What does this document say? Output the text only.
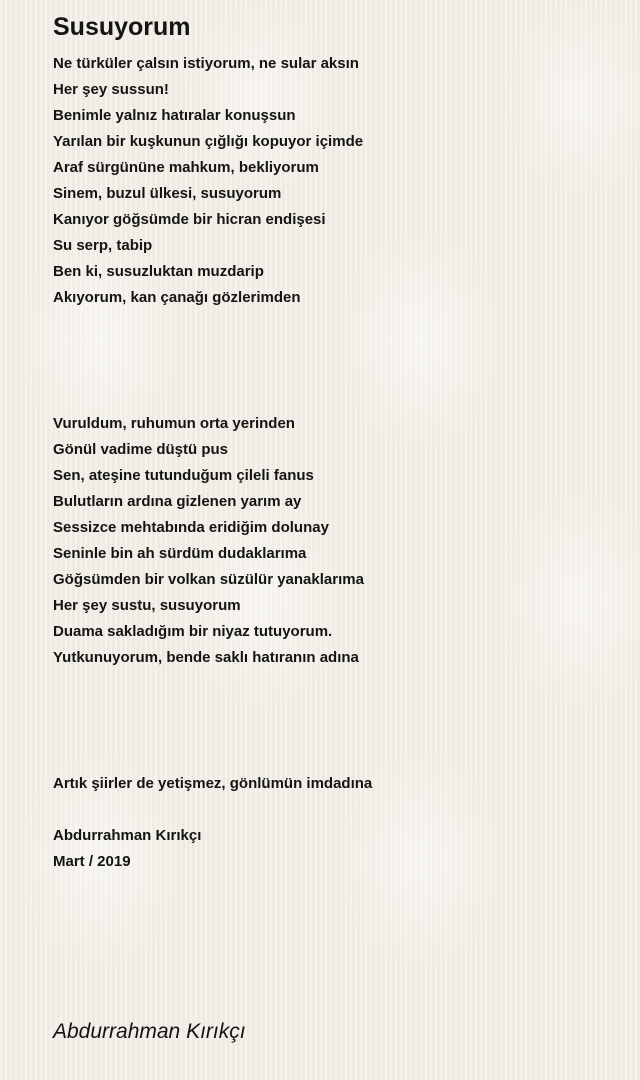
Susuyorum

Ne türküler çalsın istiyorum, ne sular aksın
Her şey sussun!
Benimle yalnız hatıralar konuşsun
Yarılan bir kuşkunun çığlığı kopuyor içimde
Araf sürgününe mahkum, bekliyorum
Sinem, buzul ülkesi, susuyorum
Kanıyor göğsümde bir hicran endişesi
Su serp, tabip
Ben ki, susuzluktan muzdarip
Akıyorum, kan çanağı gözlerimden

Vuruldum, ruhumun orta yerinden
Gönül vadime düştü pus
Sen, ateşine tutunduğum çileli fanus
Bulutların ardına gizlenen yarım ay
Sessizce mehtabında eridiğim dolunay
Seninle bin ah sürdüm dudaklarıma
Göğsümden bir volkan süzülür yanaklarıma
Her şey sustu, susuyorum
Duama sakladığım bir niyaz tutuyorum.
Yutkunuyorum, bende saklı hatıranın adına

Artık şiirler de yetişmez, gönlümün imdadına

Abdurrahman Kırıkçı
Mart / 2019

Abdurrahman Kırıkçı
